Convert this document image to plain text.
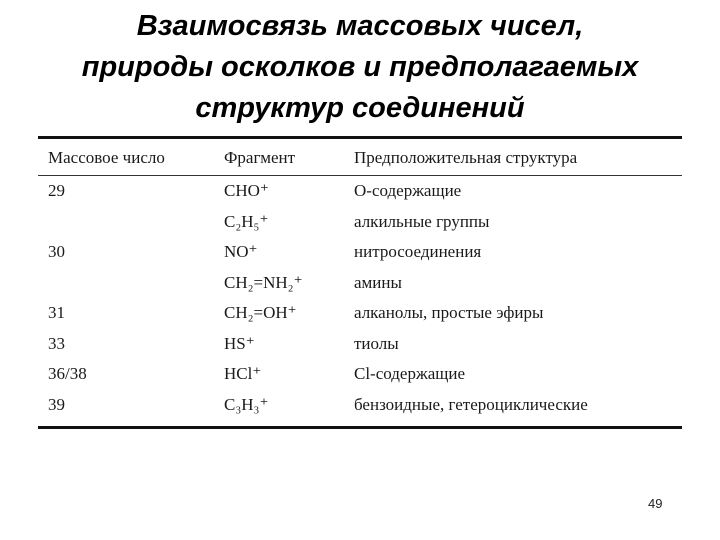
Взаимосвязь массовых чисел,
природы осколков и предполагаемых
структур соединений
Массовое число	Фрагмент	Предположительная структура

29	CHO⁺	О-содержащие
	C₂H₅⁺	алкильные группы
30	NO⁺	нитросоединения
	CH₂=NH₂⁺	амины
31	CH₂=OH⁺	алканолы, простые эфиры
33	HS⁺	тиолы
36/38	HCl⁺	Cl-содержащие
39	C₃H₃⁺	бензоидные, гетероциклические
49
